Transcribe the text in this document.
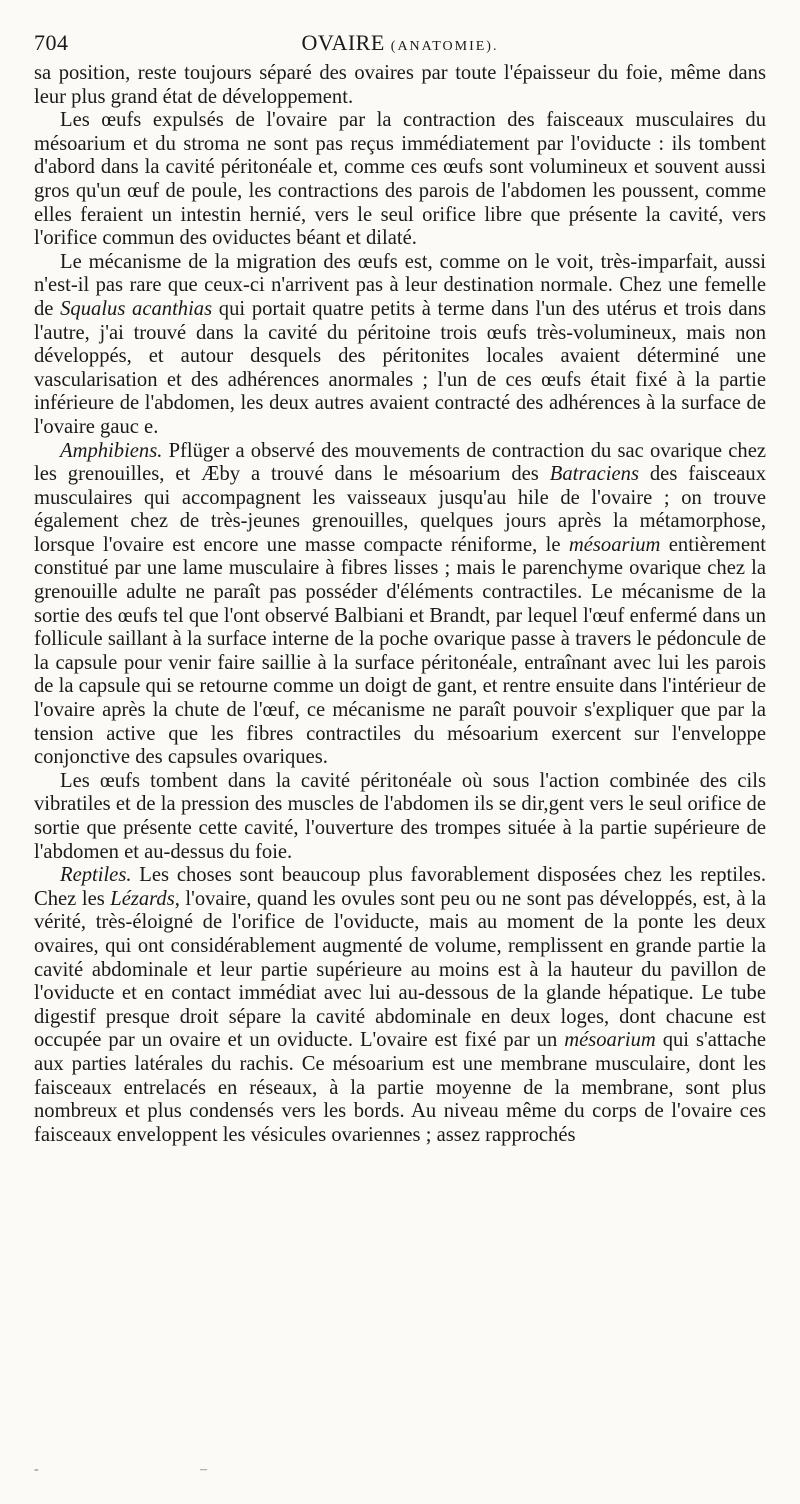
704	OVAIRE (ANATOMIE).

sa position, reste toujours séparé des ovaires par toute l'épaisseur du foie, même dans leur plus grand état de développement.

Les œufs expulsés de l'ovaire par la contraction des faisceaux musculaires du mésoarium et du stroma ne sont pas reçus immédiatement par l'oviducte : ils tombent d'abord dans la cavité péritonéale et, comme ces œufs sont volumineux et souvent aussi gros qu'un œuf de poule, les contractions des parois de l'abdomen les poussent, comme elles feraient un intestin hernié, vers le seul orifice libre que présente la cavité, vers l'orifice commun des oviductes béant et dilaté.

Le mécanisme de la migration des œufs est, comme on le voit, très-imparfait, aussi n'est-il pas rare que ceux-ci n'arrivent pas à leur destination normale. Chez une femelle de Squalus acanthias qui portait quatre petits à terme dans l'un des utérus et trois dans l'autre, j'ai trouvé dans la cavité du péritoine trois œufs très-volumineux, mais non développés, et autour desquels des péritonites locales avaient déterminé une vascularisation et des adhérences anormales ; l'un de ces œufs était fixé à la partie inférieure de l'abdomen, les deux autres avaient contracté des adhérences à la surface de l'ovaire gauc e.

Amphibiens. Pflüger a observé des mouvements de contraction du sac ovarique chez les grenouilles, et Æby a trouvé dans le mésoarium des Batraciens des faisceaux musculaires qui accompagnent les vaisseaux jusqu'au hile de l'ovaire ; on trouve également chez de très-jeunes grenouilles, quelques jours après la métamorphose, lorsque l'ovaire est encore une masse compacte réniforme, le mésoarium entièrement constitué par une lame musculaire à fibres lisses ; mais le parenchyme ovarique chez la grenouille adulte ne paraît pas posséder d'éléments contractiles. Le mécanisme de la sortie des œufs tel que l'ont observé Balbiani et Brandt, par lequel l'œuf enfermé dans un follicule saillant à la surface interne de la poche ovarique passe à travers le pédoncule de la capsule pour venir faire saillie à la surface péritonéale, entraînant avec lui les parois de la capsule qui se retourne comme un doigt de gant, et rentre ensuite dans l'intérieur de l'ovaire après la chute de l'œuf, ce mécanisme ne paraît pouvoir s'expliquer que par la tension active que les fibres contractiles du mésoarium exercent sur l'enveloppe conjonctive des capsules ovariques.

Les œufs tombent dans la cavité péritonéale où sous l'action combinée des cils vibratiles et de la pression des muscles de l'abdomen ils se dir,gent vers le seul orifice de sortie que présente cette cavité, l'ouverture des trompes située à la partie supérieure de l'abdomen et au-dessus du foie.

Reptiles. Les choses sont beaucoup plus favorablement disposées chez les reptiles. Chez les Lézards, l'ovaire, quand les ovules sont peu ou ne sont pas développés, est, à la vérité, très-éloigné de l'orifice de l'oviducte, mais au moment de la ponte les deux ovaires, qui ont considérablement augmenté de volume, remplissent en grande partie la cavité abdominale et leur partie supérieure au moins est à la hauteur du pavillon de l'oviducte et en contact immédiat avec lui au-dessous de la glande hépatique. Le tube digestif presque droit sépare la cavité abdominale en deux loges, dont chacune est occupée par un ovaire et un oviducte. L'ovaire est fixé par un mésoarium qui s'attache aux parties latérales du rachis. Ce mésoarium est une membrane musculaire, dont les faisceaux entrelacés en réseaux, à la partie moyenne de la membrane, sont plus nombreux et plus condensés vers les bords. Au niveau même du corps de l'ovaire ces faisceaux enveloppent les vésicules ovariennes ; assez rapprochés

-	–
